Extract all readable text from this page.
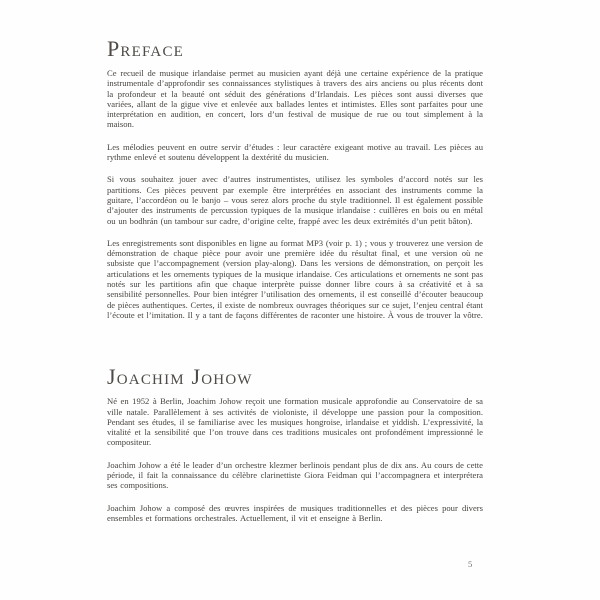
Preface

Ce recueil de musique irlandaise permet au musicien ayant déjà une certaine expérience de la pratique instrumentale d’approfondir ses connaissances stylistiques à travers des airs anciens ou plus récents dont la profondeur et la beauté ont séduit des générations d’Irlandais. Les pièces sont aussi diverses que variées, allant de la gigue vive et enlevée aux ballades lentes et intimistes. Elles sont parfaites pour une interprétation en audition, en concert, lors d’un festival de musique de rue ou tout simplement à la maison.

Les mélodies peuvent en outre servir d’études : leur caractère exigeant motive au travail. Les pièces au rythme enlevé et soutenu développent la dextérité du musicien.

Si vous souhaitez jouer avec d’autres instrumentistes, utilisez les symboles d’accord notés sur les partitions. Ces pièces peuvent par exemple être interprétées en associant des instruments comme la guitare, l’accordéon ou le banjo – vous serez alors proche du style traditionnel. Il est également possible d’ajouter des instruments de percussion typiques de la musique irlandaise : cuillères en bois ou en métal ou un bodhrán (un tambour sur cadre, d’origine celte, frappé avec les deux extrémités d’un petit bâton).

Les enregistrements sont disponibles en ligne au format MP3 (voir p. 1) ; vous y trouverez une version de démonstration de chaque pièce pour avoir une première idée du résultat final, et une version où ne subsiste que l’accompagnement (version play-along). Dans les versions de démonstration, on perçoit les articulations et les ornements typiques de la musique irlandaise. Ces articulations et ornements ne sont pas notés sur les partitions afin que chaque interprète puisse donner libre cours à sa créativité et à sa sensibilité personnelles. Pour bien intégrer l’utilisation des ornements, il est conseillé d’écouter beaucoup de pièces authentiques. Certes, il existe de nombreux ouvrages théoriques sur ce sujet, l’enjeu central étant l’écoute et l’imitation. Il y a tant de façons différentes de raconter une histoire. À vous de trouver la vôtre.

Joachim Johow

Né en 1952 à Berlin, Joachim Johow reçoit une formation musicale approfondie au Conservatoire de sa ville natale. Parallèlement à ses activités de violoniste, il développe une passion pour la composition. Pendant ses études, il se familiarise avec les musiques hongroise, irlandaise et yiddish. L’expressivité, la vitalité et la sensibilité que l’on trouve dans ces traditions musicales ont profondément impressionné le compositeur.

Joachim Johow a été le leader d’un orchestre klezmer berlinois pendant plus de dix ans. Au cours de cette période, il fait la connaissance du célèbre clarinettiste Giora Feidman qui l’accompagnera et interprétera ses compositions.

Joachim Johow a composé des œuvres inspirées de musiques traditionnelles et des pièces pour divers ensembles et formations orchestrales. Actuellement, il vit et enseigne à Berlin.

5
